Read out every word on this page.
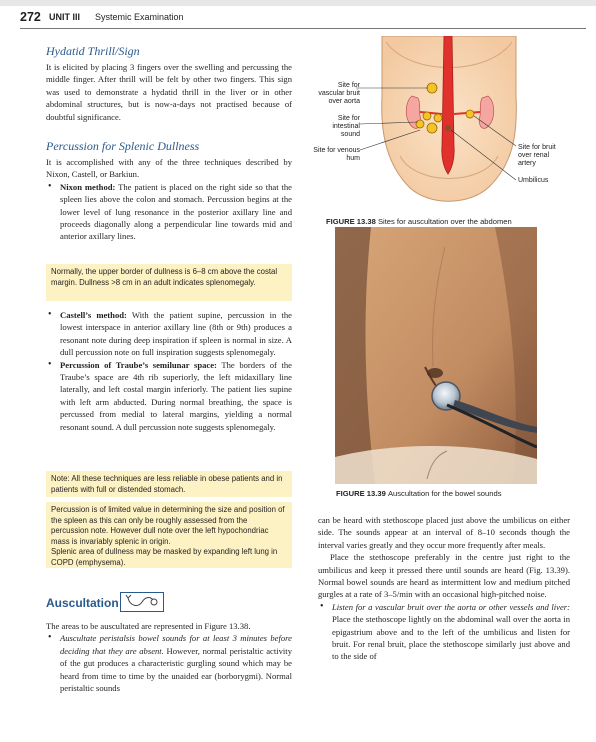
272 UNIT III Systemic Examination
Hydatid Thrill/Sign

It is elicited by placing 3 fingers over the swelling and percussing the middle finger. After thrill will be felt by other two fingers. This sign was used to demonstrate a hydatid thrill in the liver or in other abdominal structures, but is now-a-days not practised because of doubtful significance.

Percussion for Splenic Dullness

It is accomplished with any of the three techniques described by Nixon, Castell, or Barkiun.

• Nixon method: The patient is placed on the right side so that the spleen lies above the colon and stomach. Percussion begins at the lower level of lung resonance in the posterior axillary line and proceeds diagonally along a perpendicular line towards mid and anterior axillary lines.

Normally, the upper border of dullness is 6–8 cm above the costal margin. Dullness >8 cm in an adult indicates splenomegaly.

• Castell’s method: With the patient supine, percussion in the lowest interspace in anterior axillary line (8th or 9th) produces a resonant note during deep inspiration if spleen is normal in size. A dull percussion note on full inspiration suggests splenomegaly.

• Percussion of Traube’s semilunar space: The borders of the Traube’s space are 4th rib superiorly, the left midaxillary line laterally, and left costal margin inferiorly. The patient lies supine with left arm abducted. During normal breathing, the space is percussed from medial to lateral margins, yielding a normal resonant sound. A dull percussion note suggests splenomegaly.

Note: All these techniques are less reliable in obese patients and in patients with full or distended stomach.
Percussion is of limited value in determining the size and position of the spleen as this can only be roughly assessed from the percussion note. However dull note over the left hypochondriac mass is invariably splenic in origin.
Splenic area of dullness may be masked by expanding left lung in COPD (emphysema).
Auscultation

The areas to be auscultated are represented in Figure 13.38.

• Auscultate peristalsis bowel sounds for at least 3 minutes before deciding that they are absent. However, normal peristaltic activity of the gut produces a characteristic gurgling sound which may be heard from time to time by the unaided ear (borborygmi). Normal peristaltic sounds

Site for vascular bruit over aorta
Site for intestinal sound
Site for venous hum
Site for bruit over renal artery
Umbilicus
FIGURE 13.38 Sites for auscultation over the abdomen
FIGURE 13.39 Auscultation for the bowel sounds

can be heard with stethoscope placed just above the umbilicus on either side. The sounds appear at an interval of 8–10 seconds though the interval varies greatly and they occur more frequently after meals.

Place the stethoscope preferably in the centre just right to the umbilicus and keep it pressed there until sounds are heard (Fig. 13.39). Normal bowel sounds are heard as intermittent low and medium pitched gurgles at a rate of 3–5/min with an occasional high-pitched noise.

• Listen for a vascular bruit over the aorta or other vessels and liver: Place the stethoscope lightly on the abdominal wall over the aorta in epigastrium above and to the left of the umbilicus and listen for bruit. For renal bruit, place the stethoscope similarly just above and to the side of
